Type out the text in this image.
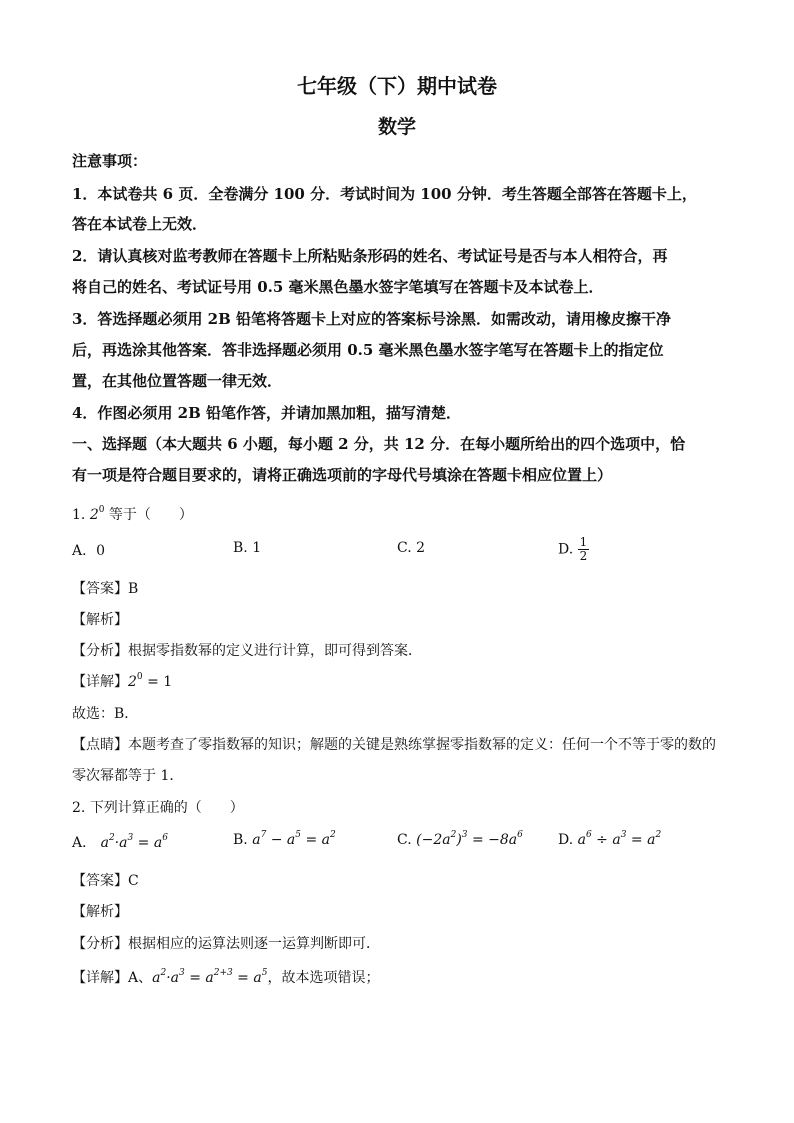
七年级（下）期中试卷
数学
注意事项：
1．本试卷共 6 页．全卷满分 100 分．考试时间为 100 分钟．考生答题全部答在答题卡上，
答在本试卷上无效．
2．请认真核对监考教师在答题卡上所粘贴条形码的姓名、考试证号是否与本人相符合，再
将自己的姓名、考试证号用 0.5 毫米黑色墨水签字笔填写在答题卡及本试卷上．
3．答选择题必须用 2B 铅笔将答题卡上对应的答案标号涂黑．如需改动，请用橡皮擦干净
后，再选涂其他答案．答非选择题必须用 0.5 毫米黑色墨水签字笔写在答题卡上的指定位
置，在其他位置答题一律无效．
4．作图必须用 2B 铅笔作答，并请加黑加粗，描写清楚．
一、选择题（本大题共 6 小题，每小题 2 分，共 12 分．在每小题所给出的四个选项中，恰
有一项是符合题目要求的，请将正确选项前的字母代号填涂在答题卡相应位置上）
1. $2^0$ 等于（　　）
A．0	B. 1	C. 2	D. $\frac{1}{2}$
【答案】B
【解析】
【分析】根据零指数幂的定义进行计算，即可得到答案．
【详解】$2^0 = 1$
故选：B．
【点睛】本题考查了零指数幂的知识；解题的关键是熟练掌握零指数幂的定义：任何一个不等于零的数的
零次幂都等于 1．
2. 下列计算正确的（　　）
A． $a^2\cdot a^3 = a^6$	B. $a^7 - a^5 = a^2$	C. $(-2a^2)^3 = -8a^6$	D. $a^6 \div a^3 = a^2$
【答案】C
【解析】
【分析】根据相应的运算法则逐一运算判断即可．
【详解】A、$a^2\cdot a^3 = a^{2+3} = a^5$，故本选项错误；
